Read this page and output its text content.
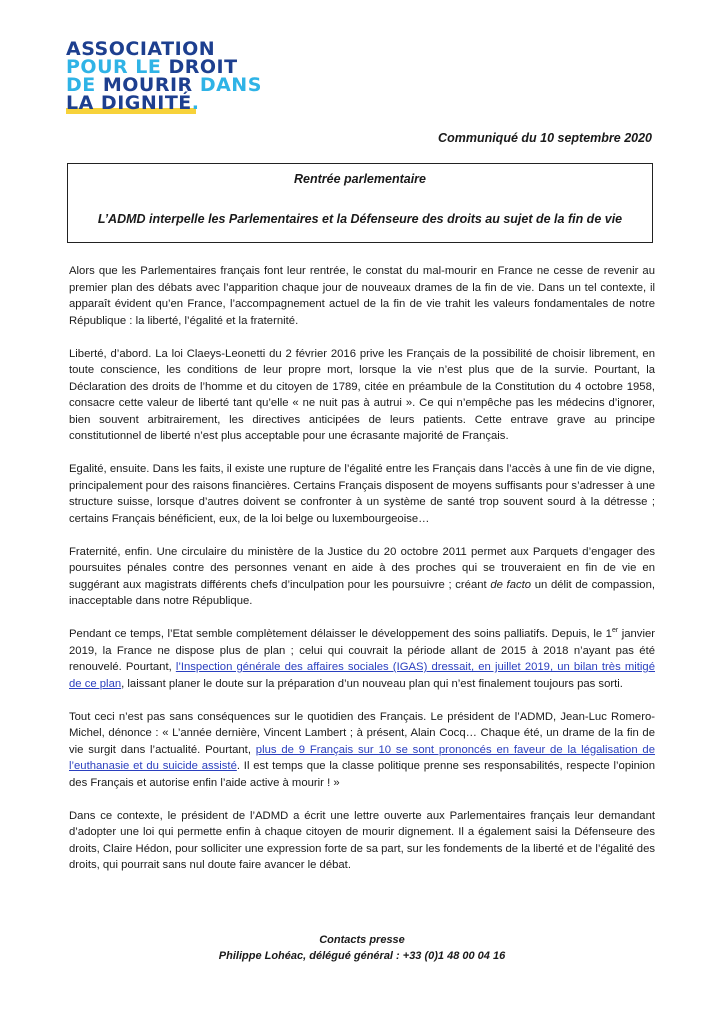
ASSOCIATION
POUR LE DROIT
DE MOURIR DANS
LA DIGNITÉ.
Communiqué du 10 septembre 2020
Rentrée parlementaire
L’ADMD interpelle les Parlementaires et la Défenseure des droits au sujet de la fin de vie

Alors que les Parlementaires français font leur rentrée, le constat du mal-mourir en France ne cesse de revenir au premier plan des débats avec l’apparition chaque jour de nouveaux drames de la fin de vie. Dans un tel contexte, il apparaît évident qu’en France, l’accompagnement actuel de la fin de vie trahit les valeurs fondamentales de notre République : la liberté, l’égalité et la fraternité.

Liberté, d’abord. La loi Claeys-Leonetti du 2 février 2016 prive les Français de la possibilité de choisir librement, en toute conscience, les conditions de leur propre mort, lorsque la vie n’est plus que de la survie. Pourtant, la Déclaration des droits de l’homme et du citoyen de 1789, citée en préambule de la Constitution du 4 octobre 1958, consacre cette valeur de liberté tant qu’elle « ne nuit pas à autrui ». Ce qui n’empêche pas les médecins d’ignorer, bien souvent arbitrairement, les directives anticipées de leurs patients. Cette entrave grave au principe constitutionnel de liberté n’est plus acceptable pour une écrasante majorité de Français.

Egalité, ensuite. Dans les faits, il existe une rupture de l’égalité entre les Français dans l’accès à une fin de vie digne, principalement pour des raisons financières. Certains Français disposent de moyens suffisants pour s’adresser à une structure suisse, lorsque d’autres doivent se confronter à un système de santé trop souvent sourd à la détresse ; certains Français bénéficient, eux, de la loi belge ou luxembourgeoise…

Fraternité, enfin. Une circulaire du ministère de la Justice du 20 octobre 2011 permet aux Parquets d’engager des poursuites pénales contre des personnes venant en aide à des proches qui se trouveraient en fin de vie en suggérant aux magistrats différents chefs d’inculpation pour les poursuivre ; créant de facto un délit de compassion, inacceptable dans notre République.

Pendant ce temps, l’Etat semble complètement délaisser le développement des soins palliatifs. Depuis, le 1er janvier 2019, la France ne dispose plus de plan ; celui qui couvrait la période allant de 2015 à 2018 n’ayant pas été renouvelé. Pourtant, l’Inspection générale des affaires sociales (IGAS) dressait, en juillet 2019, un bilan très mitigé de ce plan, laissant planer le doute sur la préparation d’un nouveau plan qui n’est finalement toujours pas sorti.

Tout ceci n’est pas sans conséquences sur le quotidien des Français. Le président de l’ADMD, Jean-Luc Romero-Michel, dénonce : « L’année dernière, Vincent Lambert ; à présent, Alain Cocq… Chaque été, un drame de la fin de vie surgit dans l’actualité. Pourtant, plus de 9 Français sur 10 se sont prononcés en faveur de la légalisation de l’euthanasie et du suicide assisté. Il est temps que la classe politique prenne ses responsabilités, respecte l’opinion des Français et autorise enfin l’aide active à mourir ! »

Dans ce contexte, le président de l’ADMD a écrit une lettre ouverte aux Parlementaires français leur demandant d’adopter une loi qui permette enfin à chaque citoyen de mourir dignement. Il a également saisi la Défenseure des droits, Claire Hédon, pour solliciter une expression forte de sa part, sur les fondements de la liberté et de l’égalité des droits, qui pourrait sans nul doute faire avancer le débat.

Contacts presse
Philippe Lohéac, délégué général : +33 (0)1 48 00 04 16
